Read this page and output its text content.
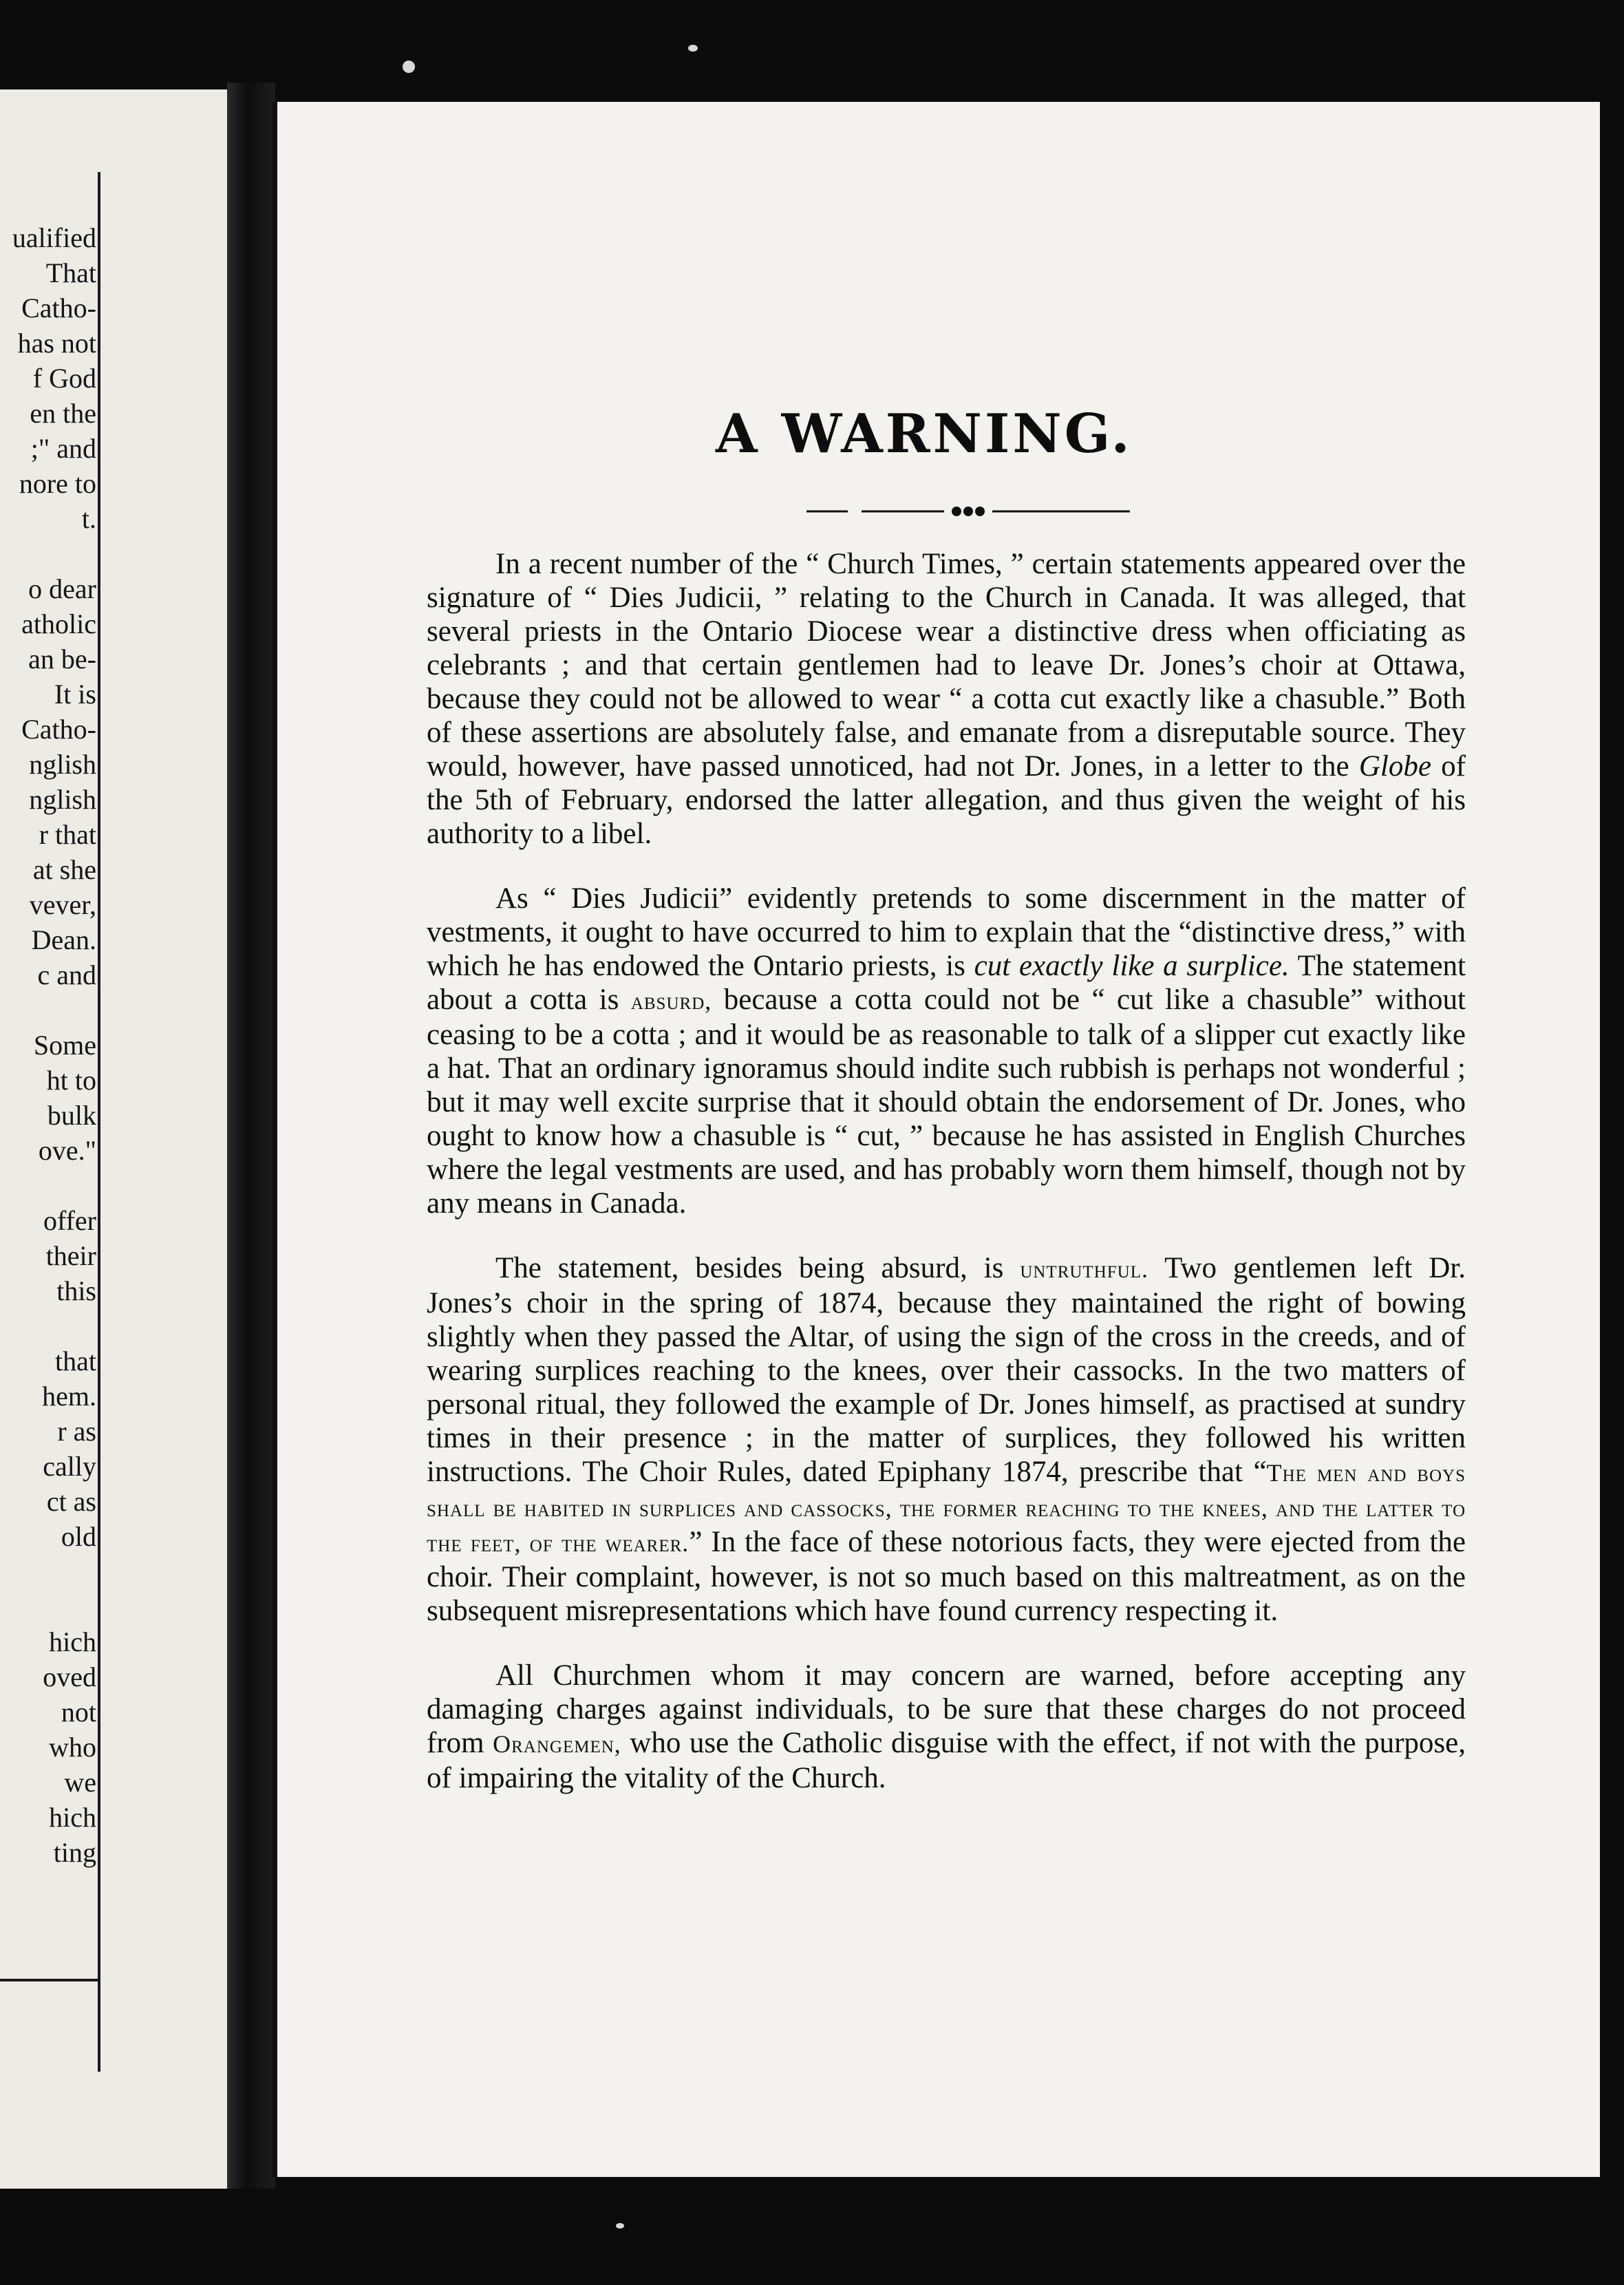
ualified
That
Catho-
has not
f God
en the
;" and
nore to
t.
o dear
atholic
an be-
It is
Catho-
nglish
nglish
r that
at she
vever,
Dean.
c and
Some
ht to
bulk
ove."
offer
their
this
that
hem.
r as
cally
ct as
old
hich
oved
not
who
we
hich
ting
A WARNING.

In a recent number of the “ Church Times, ” certain statements appeared over the signature of “ Dies Judicii, ” relating to the Church in Canada. It was alleged, that several priests in the Ontario Diocese wear a distinctive dress when officiating as celebrants ; and that certain gentlemen had to leave Dr. Jones’s choir at Ottawa, because they could not be allowed to wear “ a cotta cut exactly like a chasuble.” Both of these assertions are absolutely false, and emanate from a disreputable source. They would, however, have passed unnoticed, had not Dr. Jones, in a letter to the Globe of the 5th of February, endorsed the latter allegation, and thus given the weight of his authority to a libel.

As “ Dies Judicii” evidently pretends to some discernment in the matter of vestments, it ought to have occurred to him to explain that the “distinctive dress,” with which he has endowed the Ontario priests, is cut exactly like a surplice. The statement about a cotta is absurd, because a cotta could not be “ cut like a chasuble” without ceasing to be a cotta ; and it would be as reasonable to talk of a slipper cut exactly like a hat. That an ordinary ignoramus should indite such rubbish is perhaps not wonderful ; but it may well excite surprise that it should obtain the endorsement of Dr. Jones, who ought to know how a chasuble is “ cut, ” because he has assisted in English Churches where the legal vestments are used, and has probably worn them himself, though not by any means in Canada.

The statement, besides being absurd, is untruthful. Two gentlemen left Dr. Jones’s choir in the spring of 1874, because they maintained the right of bowing slightly when they passed the Altar, of using the sign of the cross in the creeds, and of wearing surplices reaching to the knees, over their cassocks. In the two matters of personal ritual, they followed the example of Dr. Jones himself, as practised at sundry times in their presence ; in the matter of surplices, they followed his written instructions. The Choir Rules, dated Epiphany 1874, prescribe that “The men and boys shall be habited in surplices and cassocks, the former reaching to the knees, and the latter to the feet, of the wearer.” In the face of these notorious facts, they were ejected from the choir. Their complaint, however, is not so much based on this maltreatment, as on the subsequent misrepresentations which have found currency respecting it.

All Churchmen whom it may concern are warned, before accepting any damaging charges against individuals, to be sure that these charges do not proceed from Orangemen, who use the Catholic disguise with the effect, if not with the purpose, of impairing the vitality of the Church.
